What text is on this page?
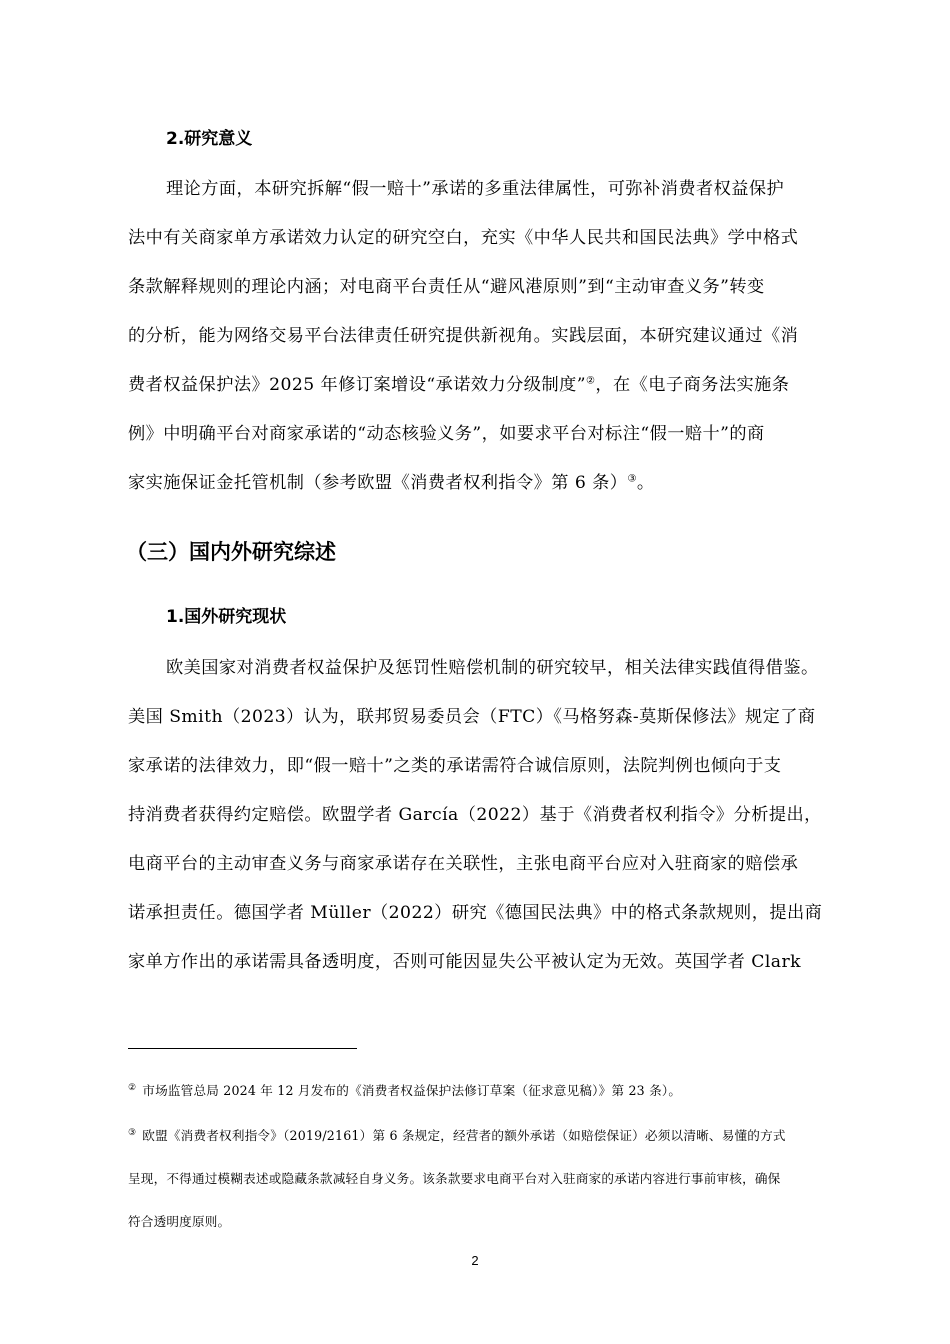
2.研究意义
理论方面，本研究拆解“假一赔十”承诺的多重法律属性，可弥补消费者权益保护
法中有关商家单方承诺效力认定的研究空白，充实《中华人民共和国民法典》学中格式
条款解释规则的理论内涵；对电商平台责任从“避风港原则”到“主动审查义务”转变
的分析，能为网络交易平台法律责任研究提供新视角。实践层面，本研究建议通过《消
费者权益保护法》2025 年修订案增设“承诺效力分级制度”②，在《电子商务法实施条
例》中明确平台对商家承诺的“动态核验义务”，如要求平台对标注“假一赔十”的商
家实施保证金托管机制（参考欧盟《消费者权利指令》第 6 条）③。
（三）国内外研究综述
1.国外研究现状
欧美国家对消费者权益保护及惩罚性赔偿机制的研究较早，相关法律实践值得借鉴。
美国 Smith（2023）认为，联邦贸易委员会（FTC）《马格努森-莫斯保修法》规定了商
家承诺的法律效力，即“假一赔十”之类的承诺需符合诚信原则，法院判例也倾向于支
持消费者获得约定赔偿。欧盟学者 García（2022）基于《消费者权利指令》分析提出，
电商平台的主动审查义务与商家承诺存在关联性，主张电商平台应对入驻商家的赔偿承
诺承担责任。德国学者 Müller（2022）研究《德国民法典》中的格式条款规则，提出商
家单方作出的承诺需具备透明度，否则可能因显失公平被认定为无效。英国学者 Clark
② 市场监管总局 2024 年 12 月发布的《消费者权益保护法修订草案（征求意见稿）》第 23 条）。
③ 欧盟《消费者权利指令》（2019/2161）第 6 条规定，经营者的额外承诺（如赔偿保证）必须以清晰、易懂的方式
呈现，不得通过模糊表述或隐藏条款减轻自身义务。该条款要求电商平台对入驻商家的承诺内容进行事前审核，确保
符合透明度原则。
2
